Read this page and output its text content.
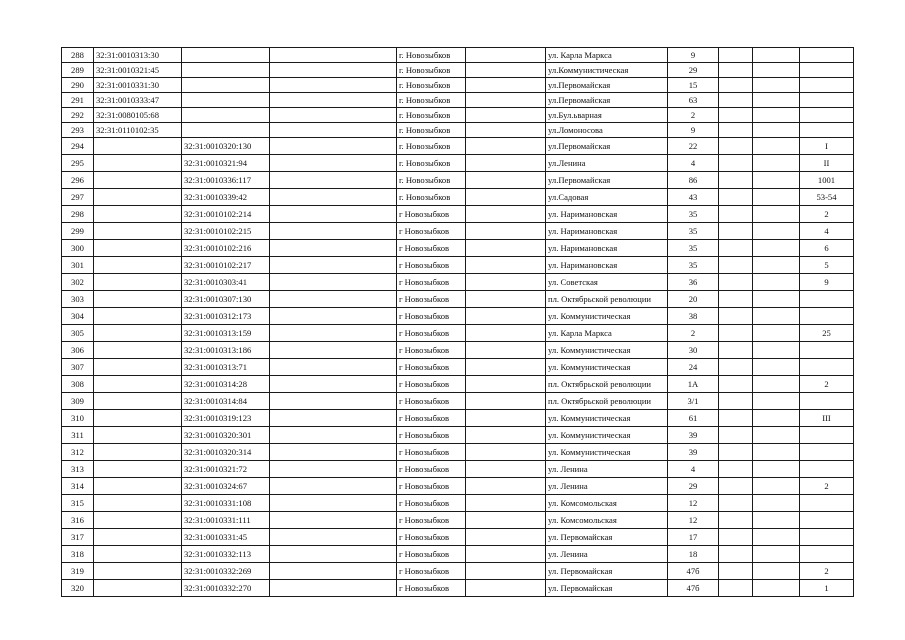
288	32:31:0010313:30			г. Новозыбков		ул. Карла Маркса	9			
289	32:31:0010321:45			г. Новозыбков		ул.Коммунистическая	29			
290	32:31:0010331:30			г. Новозыбков		ул.Первомайская	15			
291	32:31:0010333:47			г. Новозыбков		ул.Первомайская	63			
292	32:31:0080105:68			г. Новозыбков		ул.Бул.ьварная	2			
293	32:31:0110102:35			г. Новозыбков		ул.Ломоносова	9			
294		32:31:0010320:130		г. Новозыбков		ул.Первомайская	22			I
295		32:31:0010321:94		г. Новозыбков		ул.Ленина	4			II
296		32:31:0010336:117		г. Новозыбков		ул.Первомайская	86			1001
297		32:31:0010339:42		г. Новозыбков		ул.Садовая	43			53-54
298		32:31:0010102:214		г Новозыбков		ул. Наримановская	35			2
299		32:31:0010102:215		г Новозыбков		ул. Наримановская	35			4
300		32:31:0010102:216		г Новозыбков		ул. Наримановская	35			6
301		32:31:0010102:217		г Новозыбков		ул. Наримановская	35			5
302		32:31:0010303:41		г Новозыбков		ул. Советская	36			9
303		32:31:0010307:130		г Новозыбков		пл. Октябрьской революции	20			
304		32:31:0010312:173		г Новозыбков		ул. Коммунистическая	38			
305		32:31:0010313:159		г Новозыбков		ул. Карла Маркса	2			25
306		32:31:0010313:186		г Новозыбков		ул. Коммунистическая	30			
307		32:31:0010313:71		г Новозыбков		ул. Коммунистическая	24			
308		32:31:0010314:28		г Новозыбков		пл. Октябрьской революции	1А			2
309		32:31:0010314:84		г Новозыбков		пл. Октябрьской революции	3/1			
310		32:31:0010319:123		г Новозыбков		ул. Коммунистическая	61			III
311		32:31:0010320:301		г Новозыбков		ул. Коммунистическая	39			
312		32:31:0010320:314		г Новозыбков		ул. Коммунистическая	39			
313		32:31:0010321:72		г Новозыбков		ул. Ленина	4			
314		32:31:0010324:67		г Новозыбков		ул. Ленина	29			2
315		32:31:0010331:108		г Новозыбков		ул. Комсомольская	12			
316		32:31:0010331:111		г Новозыбков		ул. Комсомольская	12			
317		32:31:0010331:45		г Новозыбков		ул. Первомайская	17			
318		32:31:0010332:113		г Новозыбков		ул. Ленина	18			
319		32:31:0010332:269		г Новозыбков		ул. Первомайская	47б			2
320		32:31:0010332:270		г Новозыбков		ул. Первомайская	47б			1
